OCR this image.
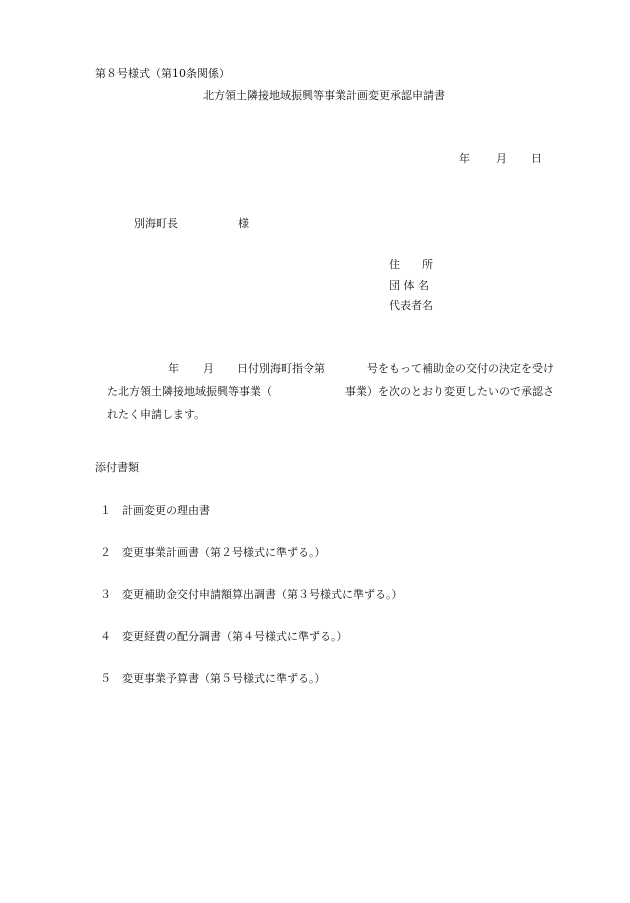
第８号様式（第10条関係）
北方領土隣接地域振興等事業計画変更承認申請書
年 月 日
別海町長	様
住　　所
団 体 名
代表者名
年 月 日付別海町指令第	号をもって補助金の交付の決定を受け
た北方領土隣接地域振興等事業（	事業）を次のとおり変更したいので承認さ
れたく申請します。
添付書類
１ 計画変更の理由書
２ 変更事業計画書（第２号様式に準ずる。）
３ 変更補助金交付申請額算出調書（第３号様式に準ずる。）
４ 変更経費の配分調書（第４号様式に準ずる。）
５ 変更事業予算書（第５号様式に準ずる。）
